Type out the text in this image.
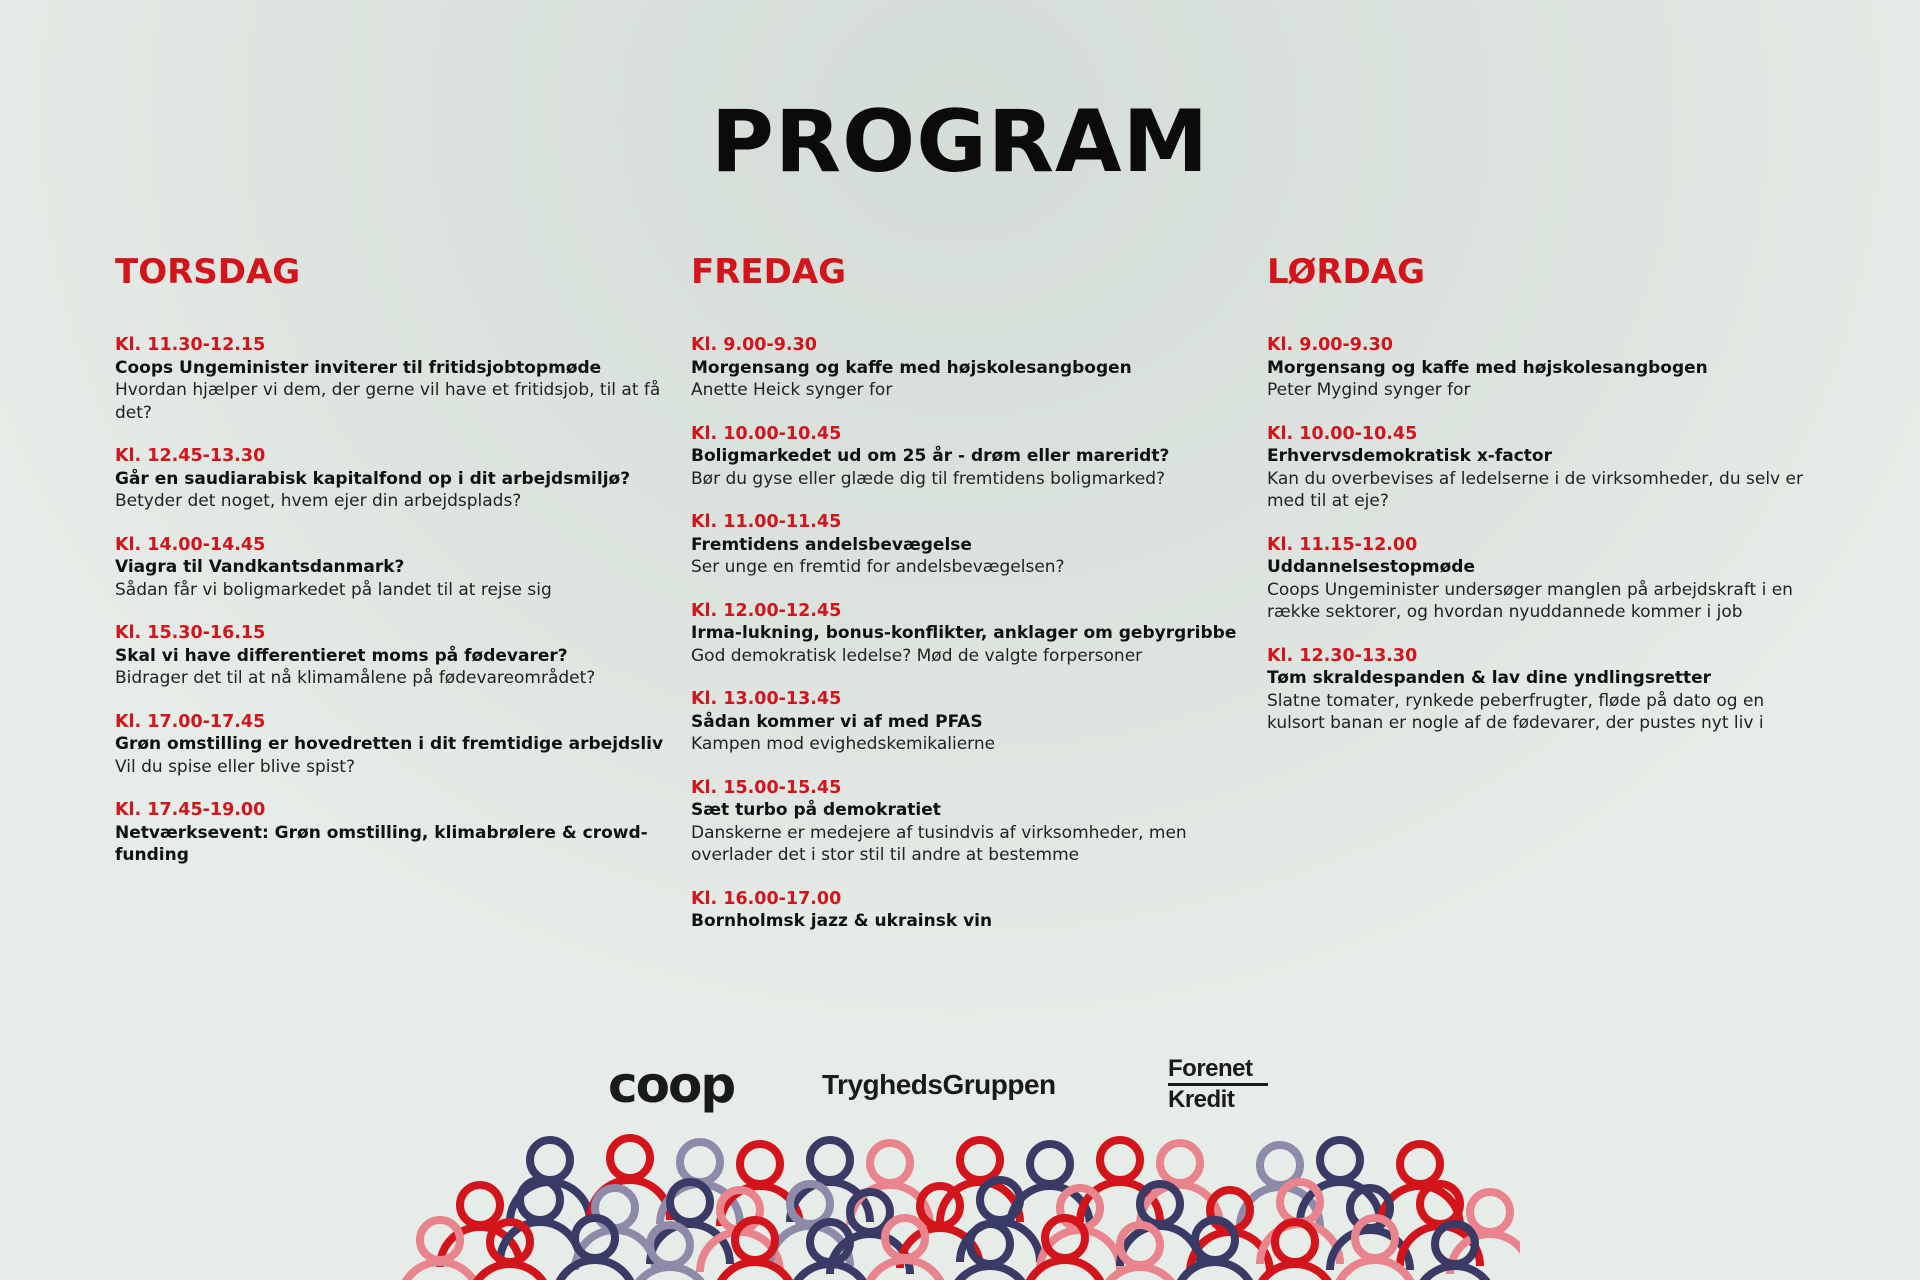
PROGRAM
TORSDAG
Kl. 11.30-12.15
Coops Ungeminister inviterer til fritidsjobtopmøde
Hvordan hjælper vi dem, der gerne vil have et fritidsjob, til at få det?
Kl. 12.45-13.30
Går en saudiarabisk kapitalfond op i dit arbejdsmiljø?
Betyder det noget, hvem ejer din arbejdsplads?
Kl. 14.00-14.45
Viagra til Vandkantsdanmark?
Sådan får vi boligmarkedet på landet til at rejse sig
Kl. 15.30-16.15
Skal vi have differentieret moms på fødevarer?
Bidrager det til at nå klimamålene på fødevareområdet?
Kl. 17.00-17.45
Grøn omstilling er hovedretten i dit fremtidige arbejdsliv
Vil du spise eller blive spist?
Kl. 17.45-19.00
Netværksevent: Grøn omstilling, klimabrølere & crowd-funding
FREDAG
Kl. 9.00-9.30
Morgensang og kaffe med højskolesangbogen
Anette Heick synger for
Kl. 10.00-10.45
Boligmarkedet ud om 25 år - drøm eller mareridt?
Bør du gyse eller glæde dig til fremtidens boligmarked?
Kl. 11.00-11.45
Fremtidens andelsbevægelse
Ser unge en fremtid for andelsbevægelsen?
Kl. 12.00-12.45
Irma-lukning, bonus-konflikter, anklager om gebyrgribbe
God demokratisk ledelse? Mød de valgte forpersoner
Kl. 13.00-13.45
Sådan kommer vi af med PFAS
Kampen mod evighedskemikalierne
Kl. 15.00-15.45
Sæt turbo på demokratiet
Danskerne er medejere af tusindvis af virksomheder, men overlader det i stor stil til andre at bestemme
Kl. 16.00-17.00
Bornholmsk jazz & ukrainsk vin
LØRDAG
Kl. 9.00-9.30
Morgensang og kaffe med højskolesangbogen
Peter Mygind synger for
Kl. 10.00-10.45
Erhvervsdemokratisk x-factor
Kan du overbevises af ledelserne i de virksomheder, du selv er med til at eje?
Kl. 11.15-12.00
Uddannelsestopmøde
Coops Ungeminister undersøger manglen på arbejdskraft i en række sektorer, og hvordan nyuddannede kommer i job
Kl. 12.30-13.30
Tøm skraldespanden & lav dine yndlingsretter
Slatne tomater, rynkede peberfrugter, fløde på dato og en kulsort banan er nogle af de fødevarer, der pustes nyt liv i
coop	TryghedsGruppen
Forenet
Kredit
